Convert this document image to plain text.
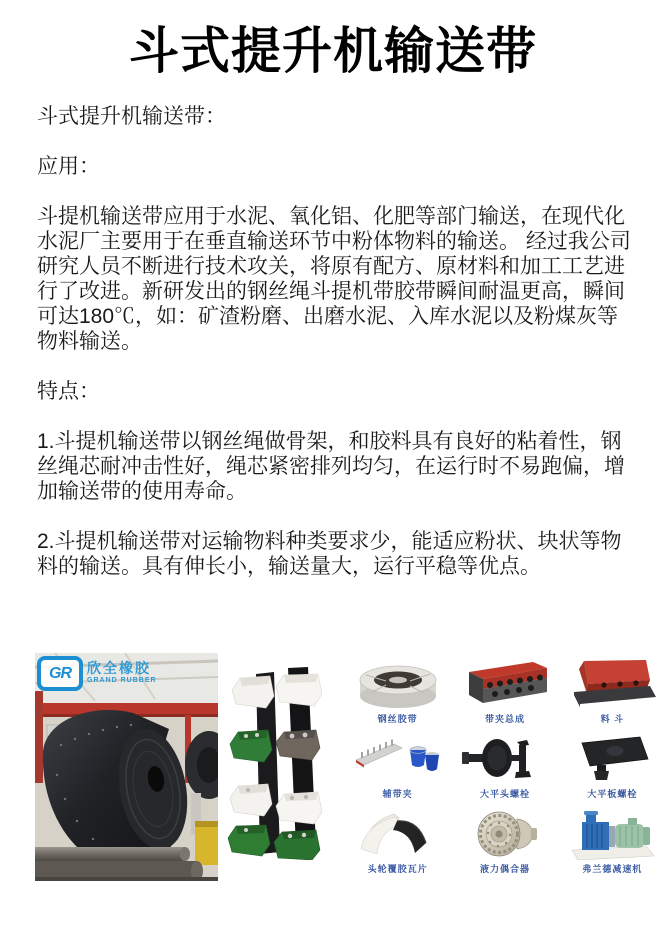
斗式提升机输送带

斗式提升机输送带：

应用：

斗提机输送带应用于水泥、氧化铝、化肥等部门输送，在现代化水泥厂主要用于在垂直输送环节中粉体物料的输送。 经过我公司研究人员不断进行技术攻关，将原有配方、原材料和加工工艺进行了改进。新研发出的钢丝绳斗提机带胶带瞬间耐温更高，瞬间可达180℃，如：矿渣粉磨、出磨水泥、入库水泥以及粉煤灰等物料输送。

特点：

1.斗提机输送带以钢丝绳做骨架，和胶料具有良好的粘着性，钢丝绳芯耐冲击性好，绳芯紧密排列均匀，在运行时不易跑偏，增加输送带的使用寿命。

2.斗提机输送带对运输物料种类要求少，能适应粉状、块状等物料的输送。具有伸长小，输送量大，运行平稳等优点。

GR	欣全橡胶
GRAND RUBBER
钢丝胶带	带夹总成	料 斗
辅带夹	大平头螺栓	大平板螺栓
头轮覆胶瓦片	液力偶合器	弗兰德减速机
